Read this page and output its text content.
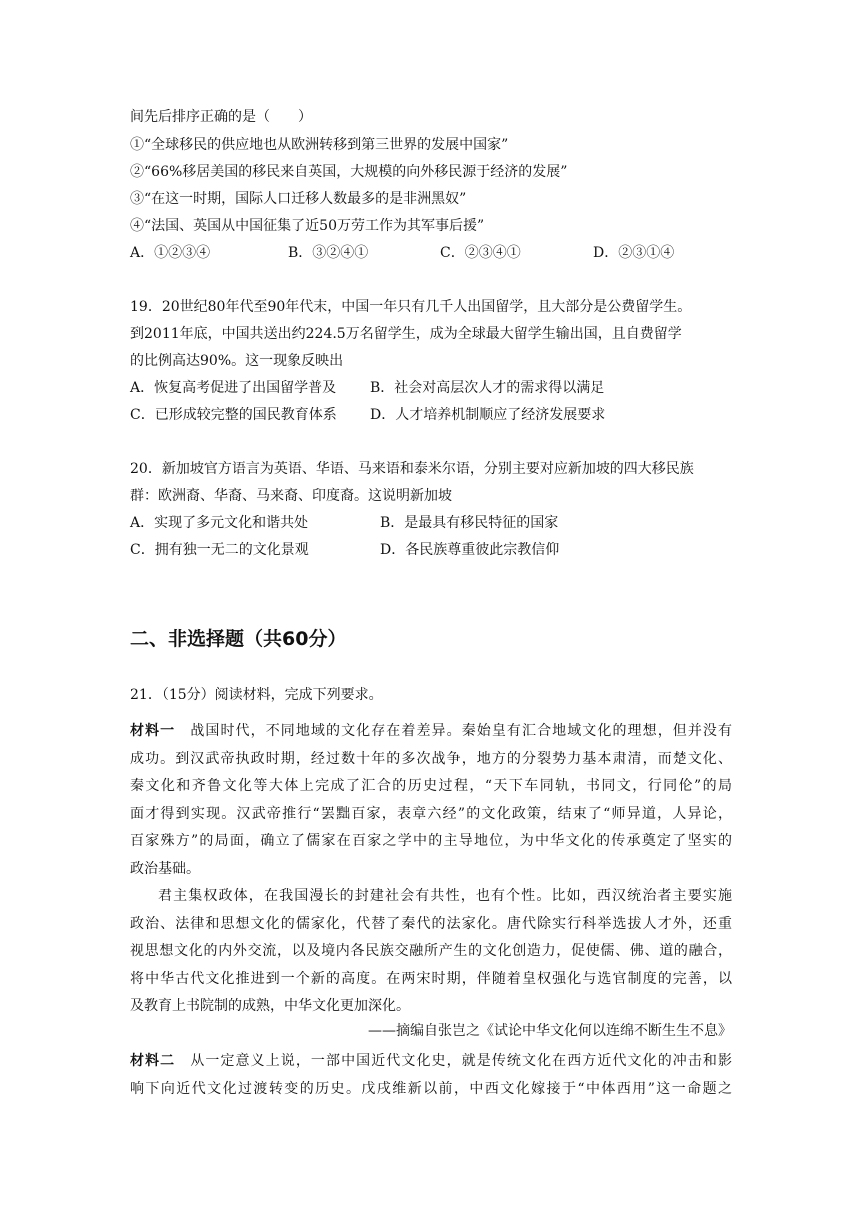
间先后排序正确的是（　　）
①“全球移民的供应地也从欧洲转移到第三世界的发展中国家”
②“66%移居美国的移民来自英国，大规模的向外移民源于经济的发展”
③“在这一时期，国际人口迁移人数最多的是非洲黑奴”
④“法国、英国从中国征集了近50万劳工作为其军事后援”
A．①②③④	B．③②④①	C．②③④①	D．②③①④
19．20世纪80年代至90年代末，中国一年只有几千人出国留学，且大部分是公费留学生。
到2011年底，中国共送出约224.5万名留学生，成为全球最大留学生输出国，且自费留学
的比例高达90%。这一现象反映出
A．恢复高考促进了出国留学普及 B．社会对高层次人才的需求得以满足
C．已形成较完整的国民教育体系 D．人才培养机制顺应了经济发展要求
20．新加坡官方语言为英语、华语、马来语和泰米尔语，分别主要对应新加坡的四大移民族
群：欧洲裔、华裔、马来裔、印度裔。这说明新加坡
A．实现了多元文化和谐共处	B．是最具有移民特征的国家
C．拥有独一无二的文化景观	D．各民族尊重彼此宗教信仰
二、非选择题（共60分）
21．（15分）阅读材料，完成下列要求。
材料一　 战国时代，不同地域的文化存在着差异。秦始皇有汇合地域文化的理想，但并没有
成功。到汉武帝执政时期，经过数十年的多次战争，地方的分裂势力基本肃清，而楚文化、
秦文化和齐鲁文化等大体上完成了汇合的历史过程，“天下车同轨，书同文，行同伦”的局
面才得到实现。汉武帝推行“罢黜百家，表章六经”的文化政策，结束了“师异道，人异论，
百家殊方”的局面，确立了儒家在百家之学中的主导地位，为中华文化的传承奠定了坚实的
政治基础。
君主集权政体，在我国漫长的封建社会有共性，也有个性。比如，西汉统治者主要实施
政治、法律和思想文化的儒家化，代替了秦代的法家化。唐代除实行科举选拔人才外，还重
视思想文化的内外交流，以及境内各民族交融所产生的文化创造力，促使儒、佛、道的融合，
将中华古代文化推进到一个新的高度。在两宋时期，伴随着皇权强化与选官制度的完善，以
及教育上书院制的成熟，中华文化更加深化。
——摘编自张岂之《试论中华文化何以连绵不断生生不息》
材料二　 从一定意义上说，一部中国近代文化史，就是传统文化在西方近代文化的冲击和影
响下向近代文化过渡转变的历史。戊戌维新以前，中西文化嫁接于“中体西用”这一命题之
